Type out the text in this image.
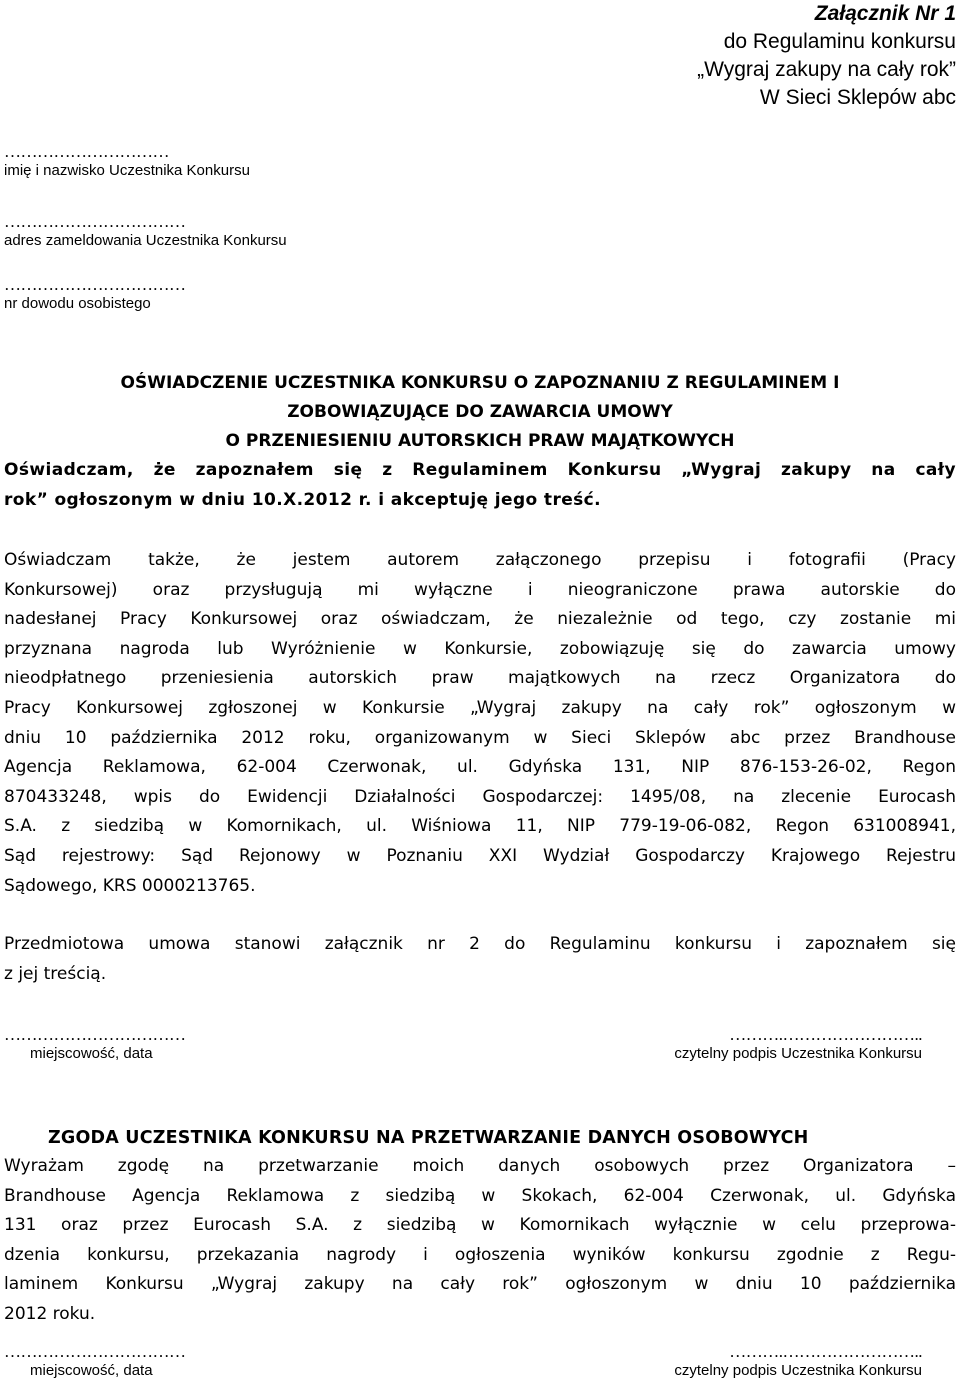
Załącznik Nr 1
do Regulaminu konkursu
„Wygraj zakupy na cały rok”
W Sieci Sklepów abc
…………………………
imię i nazwisko Uczestnika Konkursu
……………………………
adres zameldowania Uczestnika Konkursu
……………………………
nr dowodu osobistego
OŚWIADCZENIE UCZESTNIKA KONKURSU O ZAPOZNANIU Z REGULAMINEM I
ZOBOWIĄZUJĄCE DO ZAWARCIA UMOWY
O PRZENIESIENIU AUTORSKICH PRAW MAJĄTKOWYCH
Oświadczam, że zapoznałem się z Regulaminem Konkursu „Wygraj zakupy na cały
rok” ogłoszonym w dniu 10.X.2012 r. i akceptuję jego treść.
Oświadczam także, że jestem autorem załączonego przepisu i fotografii (Pracy
Konkursowej) oraz przysługują mi wyłączne i nieograniczone prawa autorskie do
nadesłanej Pracy Konkursowej oraz oświadczam, że niezależnie od tego, czy zostanie mi
przyznana nagroda lub Wyróżnienie w Konkursie, zobowiązuję się do zawarcia umowy
nieodpłatnego przeniesienia autorskich praw majątkowych na rzecz Organizatora do
Pracy Konkursowej zgłoszonej w Konkursie „Wygraj zakupy na cały rok” ogłoszonym w
dniu 10 października 2012 roku, organizowanym w Sieci Sklepów abc przez Brandhouse
Agencja Reklamowa, 62-004 Czerwonak, ul. Gdyńska 131, NIP 876-153-26-02, Regon
870433248, wpis do Ewidencji Działalności Gospodarczej: 1495/08, na zlecenie Eurocash
S.A. z siedzibą w Komornikach, ul. Wiśniowa 11, NIP 779-19-06-082, Regon 631008941,
Sąd rejestrowy: Sąd Rejonowy w Poznaniu XXI Wydział Gospodarczy Krajowego Rejestru
Sądowego, KRS 0000213765.
Przedmiotowa umowa stanowi załącznik nr 2 do Regulaminu konkursu i zapoznałem się
z jej treścią.
……………………………	……….……………………..
miejscowość, data	czytelny podpis Uczestnika Konkursu
ZGODA UCZESTNIKA KONKURSU NA PRZETWARZANIE DANYCH OSOBOWYCH
Wyrażam zgodę na przetwarzanie moich danych osobowych przez Organizatora –
Brandhouse Agencja Reklamowa z siedzibą w Skokach, 62-004 Czerwonak, ul. Gdyńska
131 oraz przez Eurocash S.A. z siedzibą w Komornikach wyłącznie w celu przeprowa-
dzenia konkursu, przekazania nagrody i ogłoszenia wyników konkursu zgodnie z Regu-
laminem Konkursu „Wygraj zakupy na cały rok” ogłoszonym w dniu 10 października
2012 roku.
……………………………	……….……………………..
miejscowość, data	czytelny podpis Uczestnika Konkursu
